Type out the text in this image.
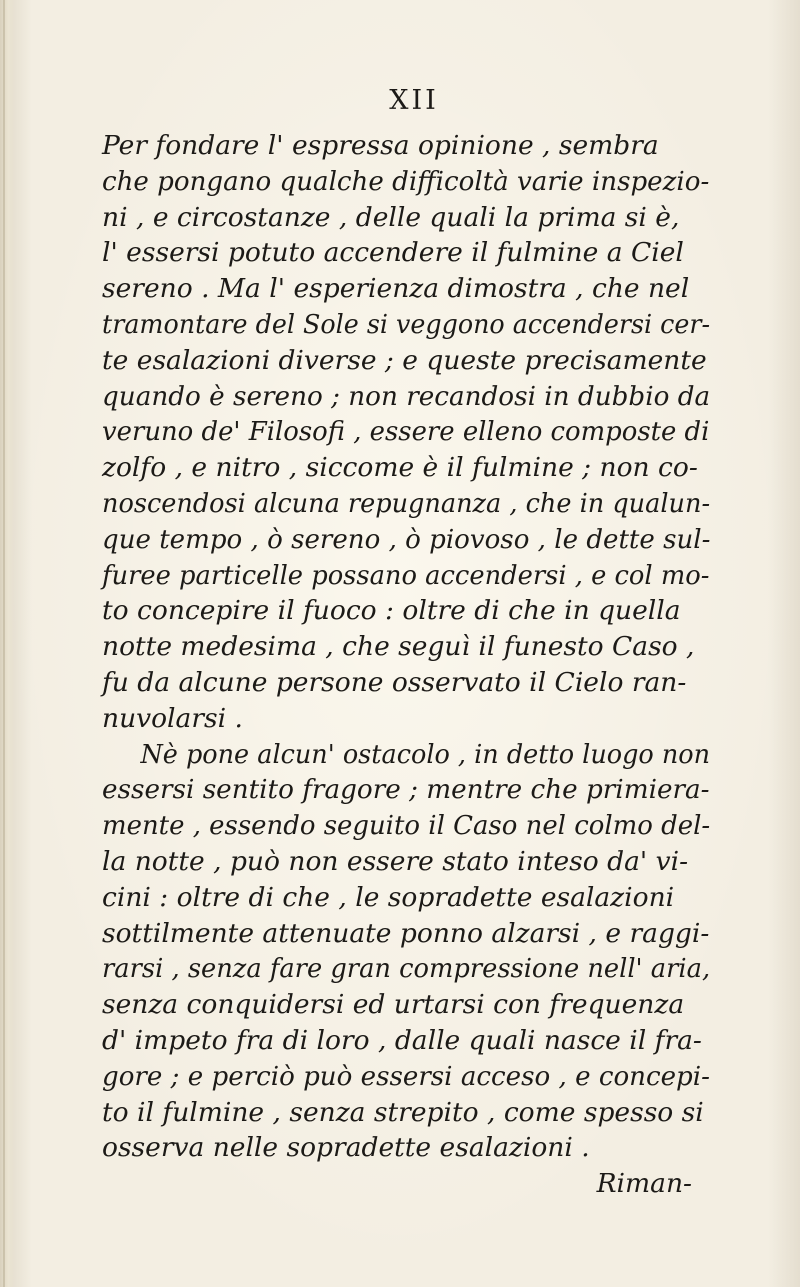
XII
Per fondare l' espressa opinione , sembra
che pongano qualche difficoltà varie inspezio-
ni , e circostanze , delle quali la prima si è,
l' essersi potuto accendere il fulmine a Ciel
sereno . Ma l' esperienza dimostra , che nel
tramontare del Sole si veggono accendersi cer-
te esalazioni diverse ; e queste precisamente
quando è sereno ; non recandosi in dubbio da
veruno de' Filosofi , essere elleno composte di
zolfo , e nitro , siccome è il fulmine ; non co-
noscendosi alcuna repugnanza , che in qualun-
que tempo , ò sereno , ò piovoso , le dette sul-
furee particelle possano accendersi , e col mo-
to concepire il fuoco : oltre di che in quella
notte medesima , che seguì il funesto Caso ,
fu da alcune persone osservato il Cielo ran-
nuvolarsi .
Nè pone alcun' ostacolo , in detto luogo non
essersi sentito fragore ; mentre che primiera-
mente , essendo seguito il Caso nel colmo del-
la notte , può non essere stato inteso da' vi-
cini : oltre di che , le sopradette esalazioni
sottilmente attenuate ponno alzarsi , e raggi-
rarsi , senza fare gran compressione nell' aria,
senza conquidersi ed urtarsi con frequenza
d' impeto fra di loro , dalle quali nasce il fra-
gore ; e perciò può essersi acceso , e concepi-
to il fulmine , senza strepito , come spesso si
osserva nelle sopradette esalazioni .
Riman-
